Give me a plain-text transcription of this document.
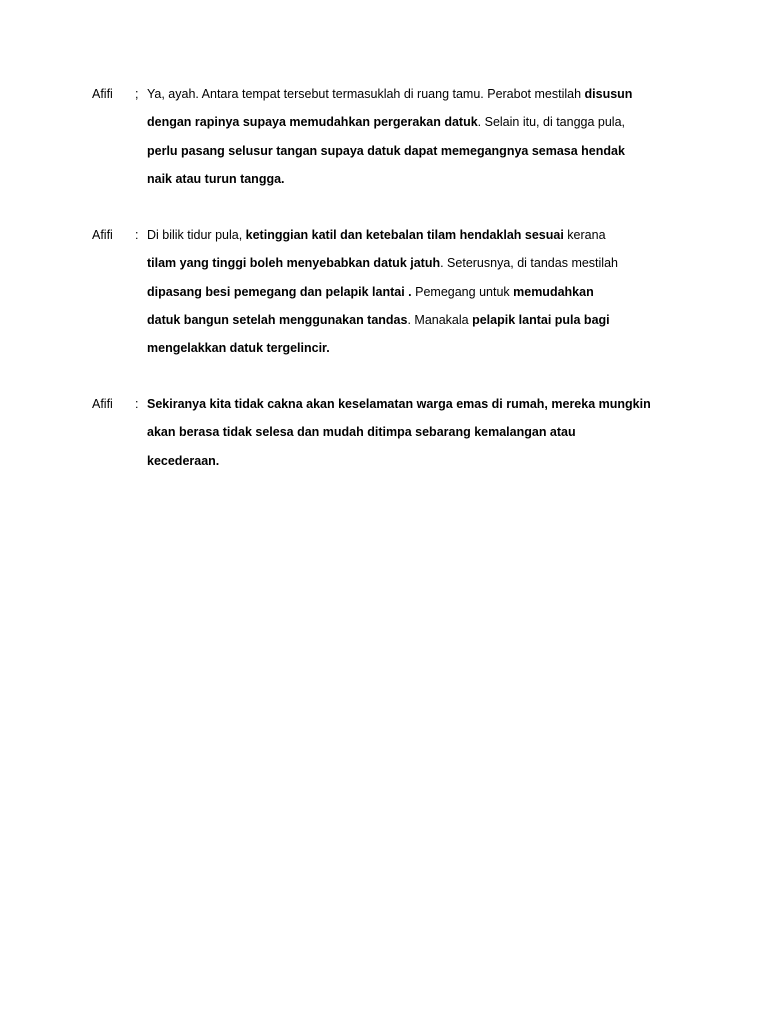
Afifi	; Ya, ayah. Antara tempat tersebut termasuklah di ruang tamu. Perabot mestilah disusun
dengan rapinya supaya memudahkan pergerakan datuk. Selain itu, di tangga pula,
perlu pasang selusur tangan supaya datuk dapat memegangnya semasa hendak
naik atau turun tangga.
Afifi	: Di bilik tidur pula, ketinggian katil dan ketebalan tilam hendaklah sesuai kerana
tilam yang tinggi boleh menyebabkan datuk jatuh. Seterusnya, di tandas mestilah
dipasang besi pemegang dan pelapik lantai . Pemegang untuk memudahkan
datuk bangun setelah menggunakan tandas. Manakala pelapik lantai pula bagi
mengelakkan datuk tergelincir.
Afifi	: Sekiranya kita tidak cakna akan keselamatan warga emas di rumah, mereka mungkin
akan berasa tidak selesa dan mudah ditimpa sebarang kemalangan atau
kecederaan.
